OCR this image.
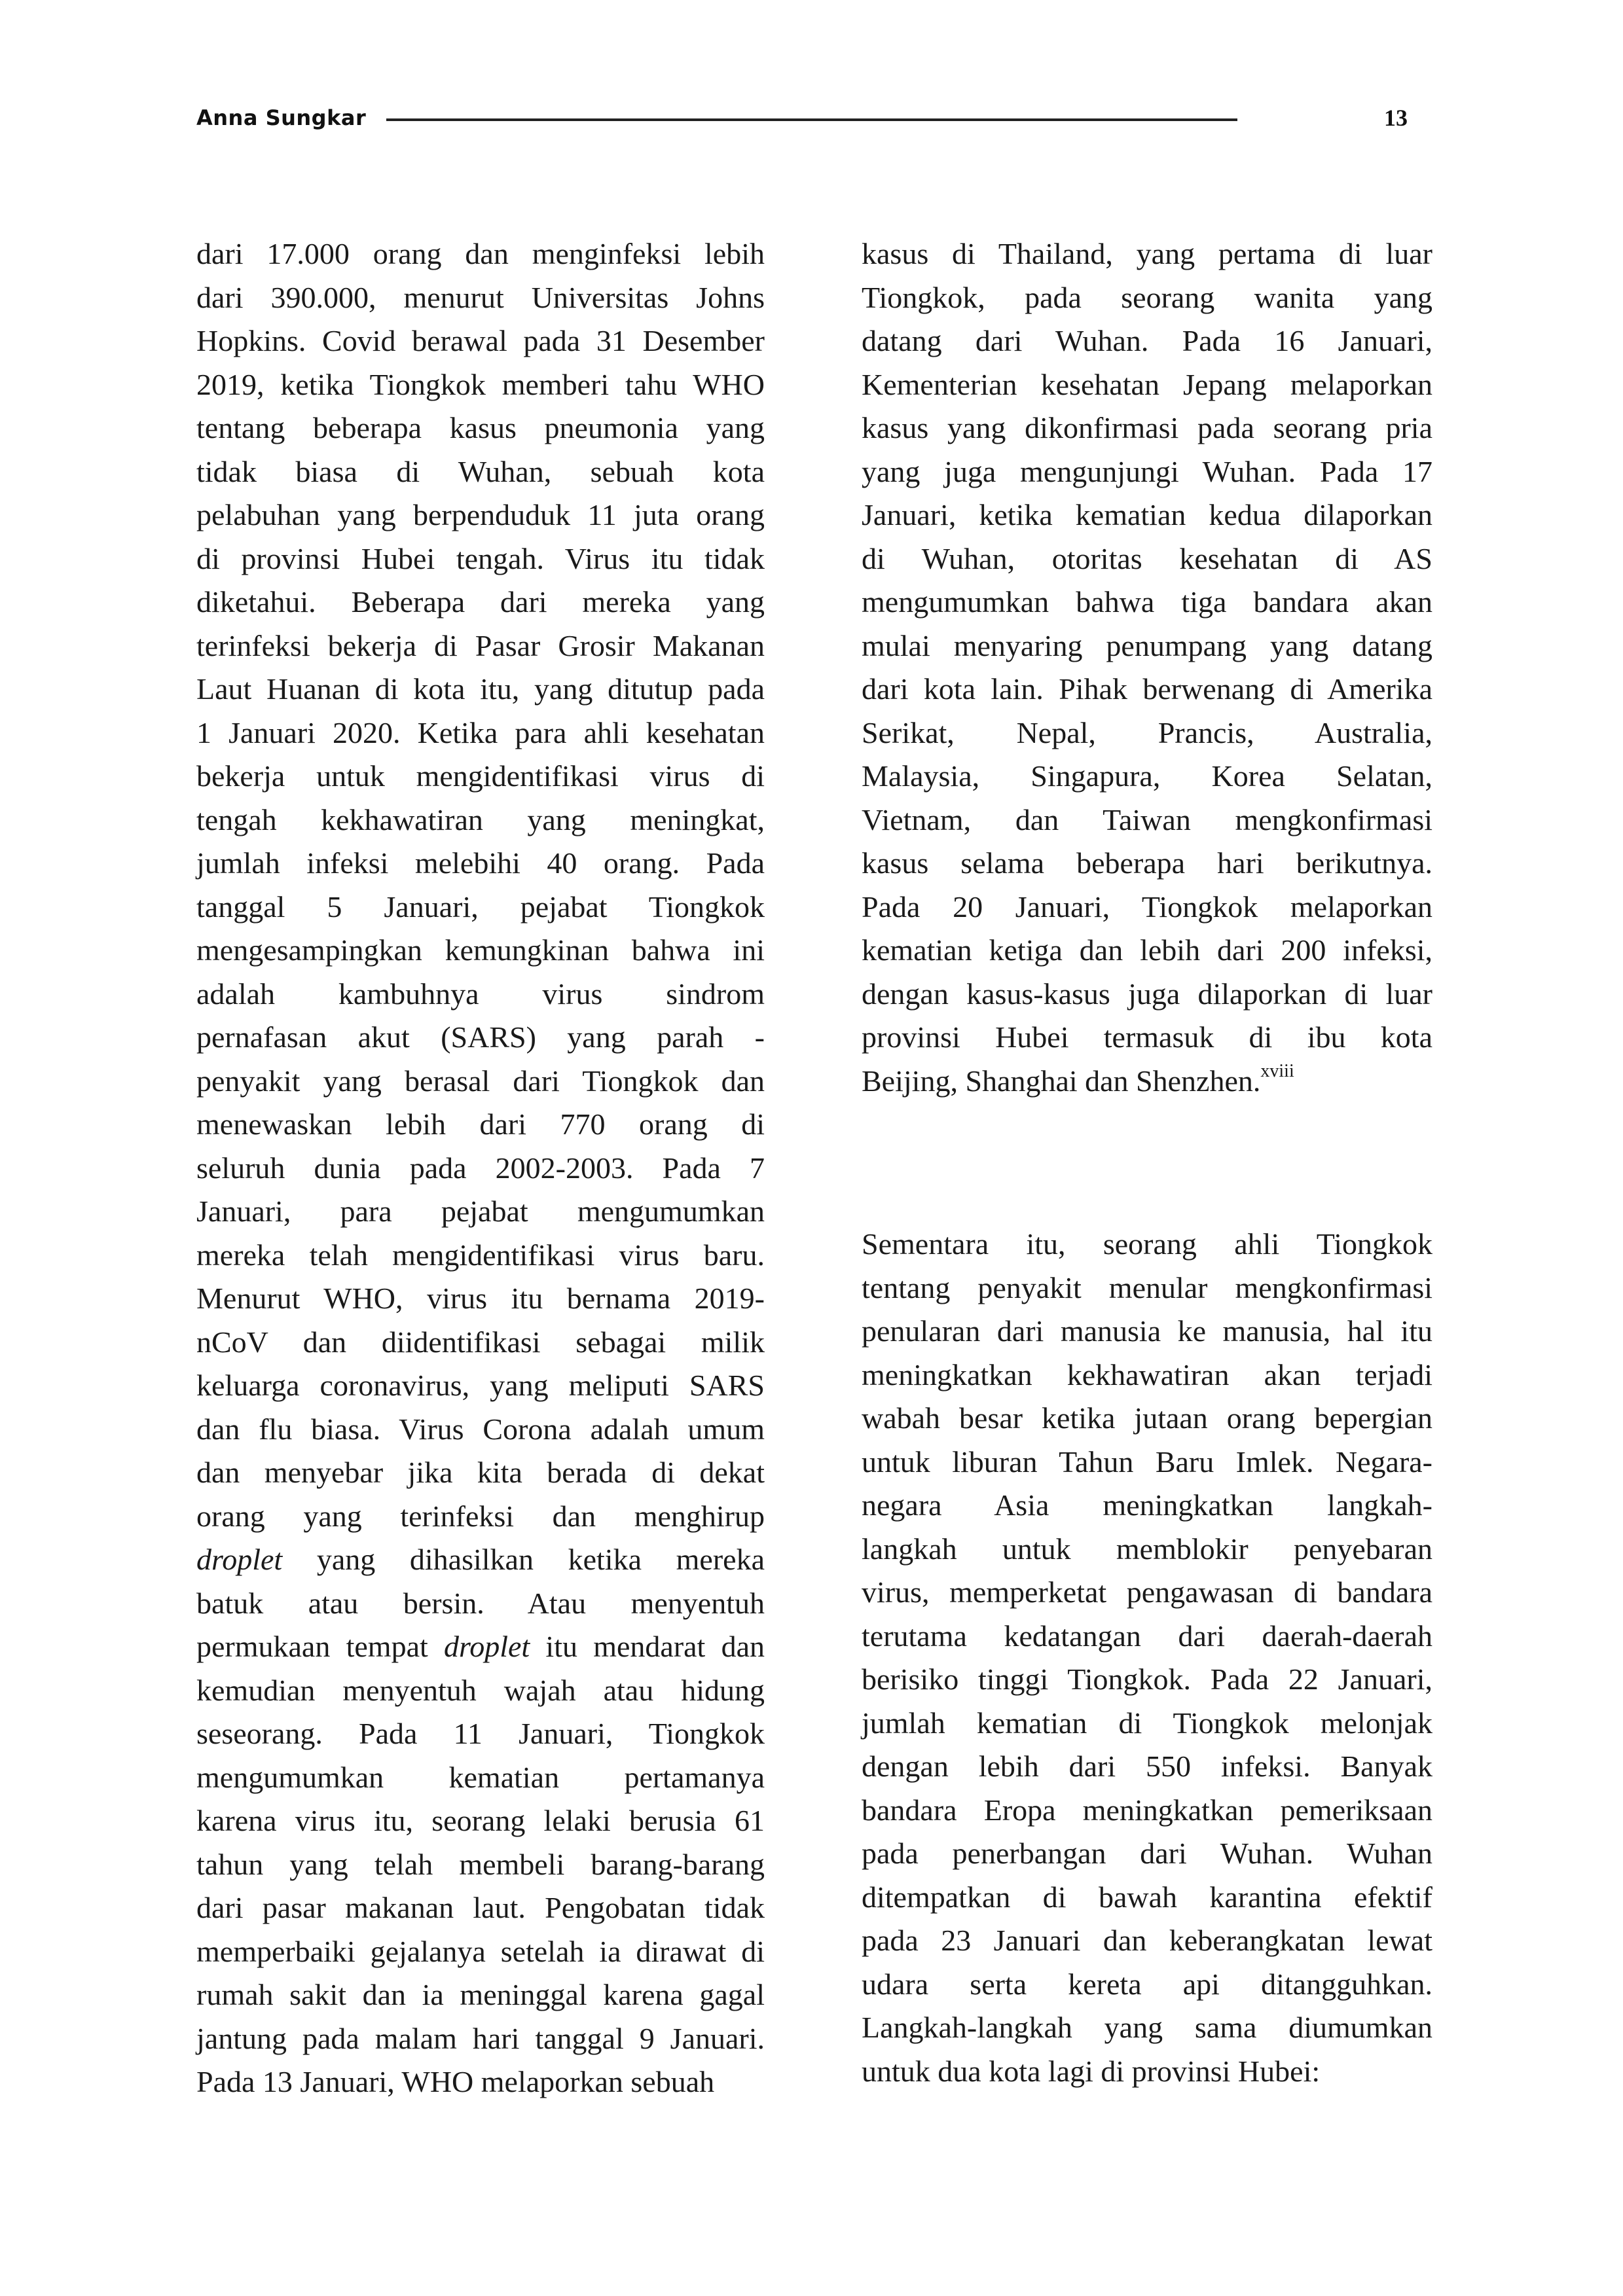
Anna Sungkar	13
dari 17.000 orang dan menginfeksi lebih
dari 390.000, menurut Universitas Johns
Hopkins. Covid berawal pada 31 Desember
2019, ketika Tiongkok memberi tahu WHO
tentang beberapa kasus pneumonia yang
tidak biasa di Wuhan, sebuah kota
pelabuhan yang berpenduduk 11 juta orang
di provinsi Hubei tengah. Virus itu tidak
diketahui. Beberapa dari mereka yang
terinfeksi bekerja di Pasar Grosir Makanan
Laut Huanan di kota itu, yang ditutup pada
1 Januari 2020. Ketika para ahli kesehatan
bekerja untuk mengidentifikasi virus di
tengah kekhawatiran yang meningkat,
jumlah infeksi melebihi 40 orang. Pada
tanggal 5 Januari, pejabat Tiongkok
mengesampingkan kemungkinan bahwa ini
adalah kambuhnya virus sindrom
pernafasan akut (SARS) yang parah -
penyakit yang berasal dari Tiongkok dan
menewaskan lebih dari 770 orang di
seluruh dunia pada 2002-2003. Pada 7
Januari, para pejabat mengumumkan
mereka telah mengidentifikasi virus baru.
Menurut WHO, virus itu bernama 2019-
nCoV dan diidentifikasi sebagai milik
keluarga coronavirus, yang meliputi SARS
dan flu biasa. Virus Corona adalah umum
dan menyebar jika kita berada di dekat
orang yang terinfeksi dan menghirup
droplet yang dihasilkan ketika mereka
batuk atau bersin. Atau menyentuh
permukaan tempat droplet itu mendarat dan
kemudian menyentuh wajah atau hidung
seseorang. Pada 11 Januari, Tiongkok
mengumumkan kematian pertamanya
karena virus itu, seorang lelaki berusia 61
tahun yang telah membeli barang-barang
dari pasar makanan laut. Pengobatan tidak
memperbaiki gejalanya setelah ia dirawat di
rumah sakit dan ia meninggal karena gagal
jantung pada malam hari tanggal 9 Januari.
Pada 13 Januari, WHO melaporkan sebuah
kasus di Thailand, yang pertama di luar
Tiongkok, pada seorang wanita yang
datang dari Wuhan. Pada 16 Januari,
Kementerian kesehatan Jepang melaporkan
kasus yang dikonfirmasi pada seorang pria
yang juga mengunjungi Wuhan. Pada 17
Januari, ketika kematian kedua dilaporkan
di Wuhan, otoritas kesehatan di AS
mengumumkan bahwa tiga bandara akan
mulai menyaring penumpang yang datang
dari kota lain. Pihak berwenang di Amerika
Serikat, Nepal, Prancis, Australia,
Malaysia, Singapura, Korea Selatan,
Vietnam, dan Taiwan mengkonfirmasi
kasus selama beberapa hari berikutnya.
Pada 20 Januari, Tiongkok melaporkan
kematian ketiga dan lebih dari 200 infeksi,
dengan kasus-kasus juga dilaporkan di luar
provinsi Hubei termasuk di ibu kota
Beijing, Shanghai dan Shenzhen.$^{xviii}$
Sementara itu, seorang ahli Tiongkok
tentang penyakit menular mengkonfirmasi
penularan dari manusia ke manusia, hal itu
meningkatkan kekhawatiran akan terjadi
wabah besar ketika jutaan orang bepergian
untuk liburan Tahun Baru Imlek. Negara-
negara Asia meningkatkan langkah-
langkah untuk memblokir penyebaran
virus, memperketat pengawasan di bandara
terutama kedatangan dari daerah-daerah
berisiko tinggi Tiongkok. Pada 22 Januari,
jumlah kematian di Tiongkok melonjak
dengan lebih dari 550 infeksi. Banyak
bandara Eropa meningkatkan pemeriksaan
pada penerbangan dari Wuhan. Wuhan
ditempatkan di bawah karantina efektif
pada 23 Januari dan keberangkatan lewat
udara serta kereta api ditangguhkan.
Langkah-langkah yang sama diumumkan
untuk dua kota lagi di provinsi Hubei:
